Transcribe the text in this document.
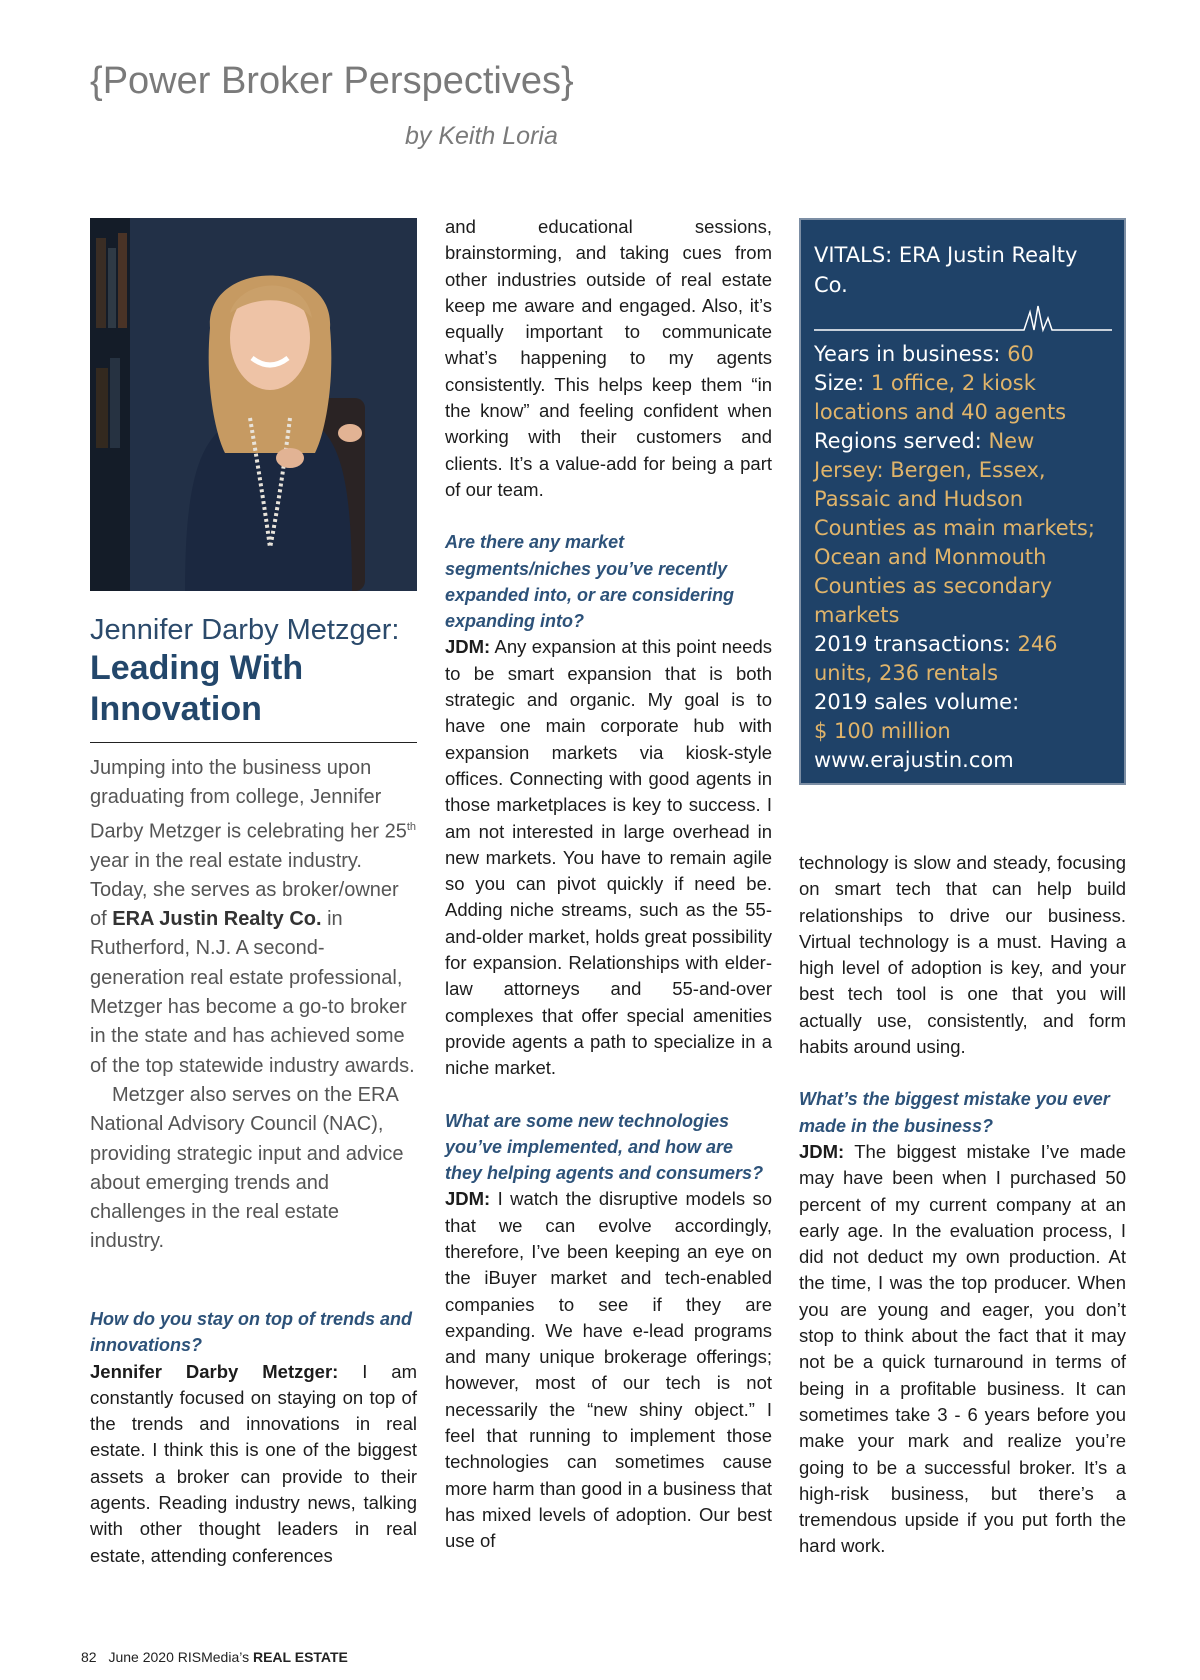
{Power Broker Perspectives}
by Keith Loria
Jennifer Darby Metzger:
Leading With
Innovation

Jumping into the business upon graduating from college, Jennifer Darby Metzger is celebrating her 25th year in the real estate industry. Today, she serves as broker/owner of ERA Justin Realty Co. in Rutherford, N.J. A second-generation real estate professional, Metzger has become a go-to broker in the state and has achieved some of the top statewide industry awards.

Metzger also serves on the ERA National Advisory Council (NAC), providing strategic input and advice about emerging trends and challenges in the real estate industry.

How do you stay on top of trends and innovations?

Jennifer Darby Metzger: I am constantly focused on staying on top of the trends and innovations in real estate. I think this is one of the biggest assets a broker can provide to their agents. Reading industry news, talking with other thought leaders in real estate, attending conferences

and educational sessions, brainstorming, and taking cues from other industries outside of real estate keep me aware and engaged. Also, it’s equally important to communicate what’s happening to my agents consistently. This helps keep them “in the know” and feeling confident when working with their customers and clients. It’s a value-add for being a part of our team.

Are there any market segments/niches you’ve recently expanded into, or are considering expanding into?

JDM: Any expansion at this point needs to be smart expansion that is both strategic and organic. My goal is to have one main corporate hub with expansion markets via kiosk-style offices. Connecting with good agents in those marketplaces is key to success. I am not interested in large overhead in new markets. You have to remain agile so you can pivot quickly if need be. Adding niche streams, such as the 55-and-older market, holds great possibility for expansion. Relationships with elder-law attorneys and 55-and-over complexes that offer special amenities provide agents a path to specialize in a niche market.

What are some new technologies you’ve implemented, and how are they helping agents and consumers?

JDM: I watch the disruptive models so that we can evolve accordingly, therefore, I’ve been keeping an eye on the iBuyer market and tech-enabled companies to see if they are expanding. We have e-lead programs and many unique brokerage offerings; however, most of our tech is not necessarily the “new shiny object.” I feel that running to implement those technologies can sometimes cause more harm than good in a business that has mixed levels of adoption. Our best use of

VITALS: ERA Justin Realty Co.

Years in business: 60

Size: 1 office, 2 kiosk locations and 40 agents

Regions served: New Jersey: Bergen, Essex, Passaic and Hudson Counties as main markets; Ocean and Monmouth Counties as secondary markets

2019 transactions: 246 units, 236 rentals

2019 sales volume:
$ 100 million

www.erajustin.com

technology is slow and steady, focusing on smart tech that can help build relationships to drive our business. Virtual technology is a must. Having a high level of adoption is key, and your best tech tool is one that you will actually use, consistently, and form habits around using.

What’s the biggest mistake you ever made in the business?

JDM: The biggest mistake I’ve made may have been when I purchased 50 percent of my current company at an early age. In the evaluation process, I did not deduct my own production. At the time, I was the top producer. When you are young and eager, you don’t stop to think about the fact that it may not be a quick turnaround in terms of being in a profitable business. It can sometimes take 3 - 6 years before you make your mark and realize you’re going to be a successful broker. It’s a high-risk business, but there’s a tremendous upside if you put forth the hard work.

82 June 2020 RISMedia’s REAL ESTATE
